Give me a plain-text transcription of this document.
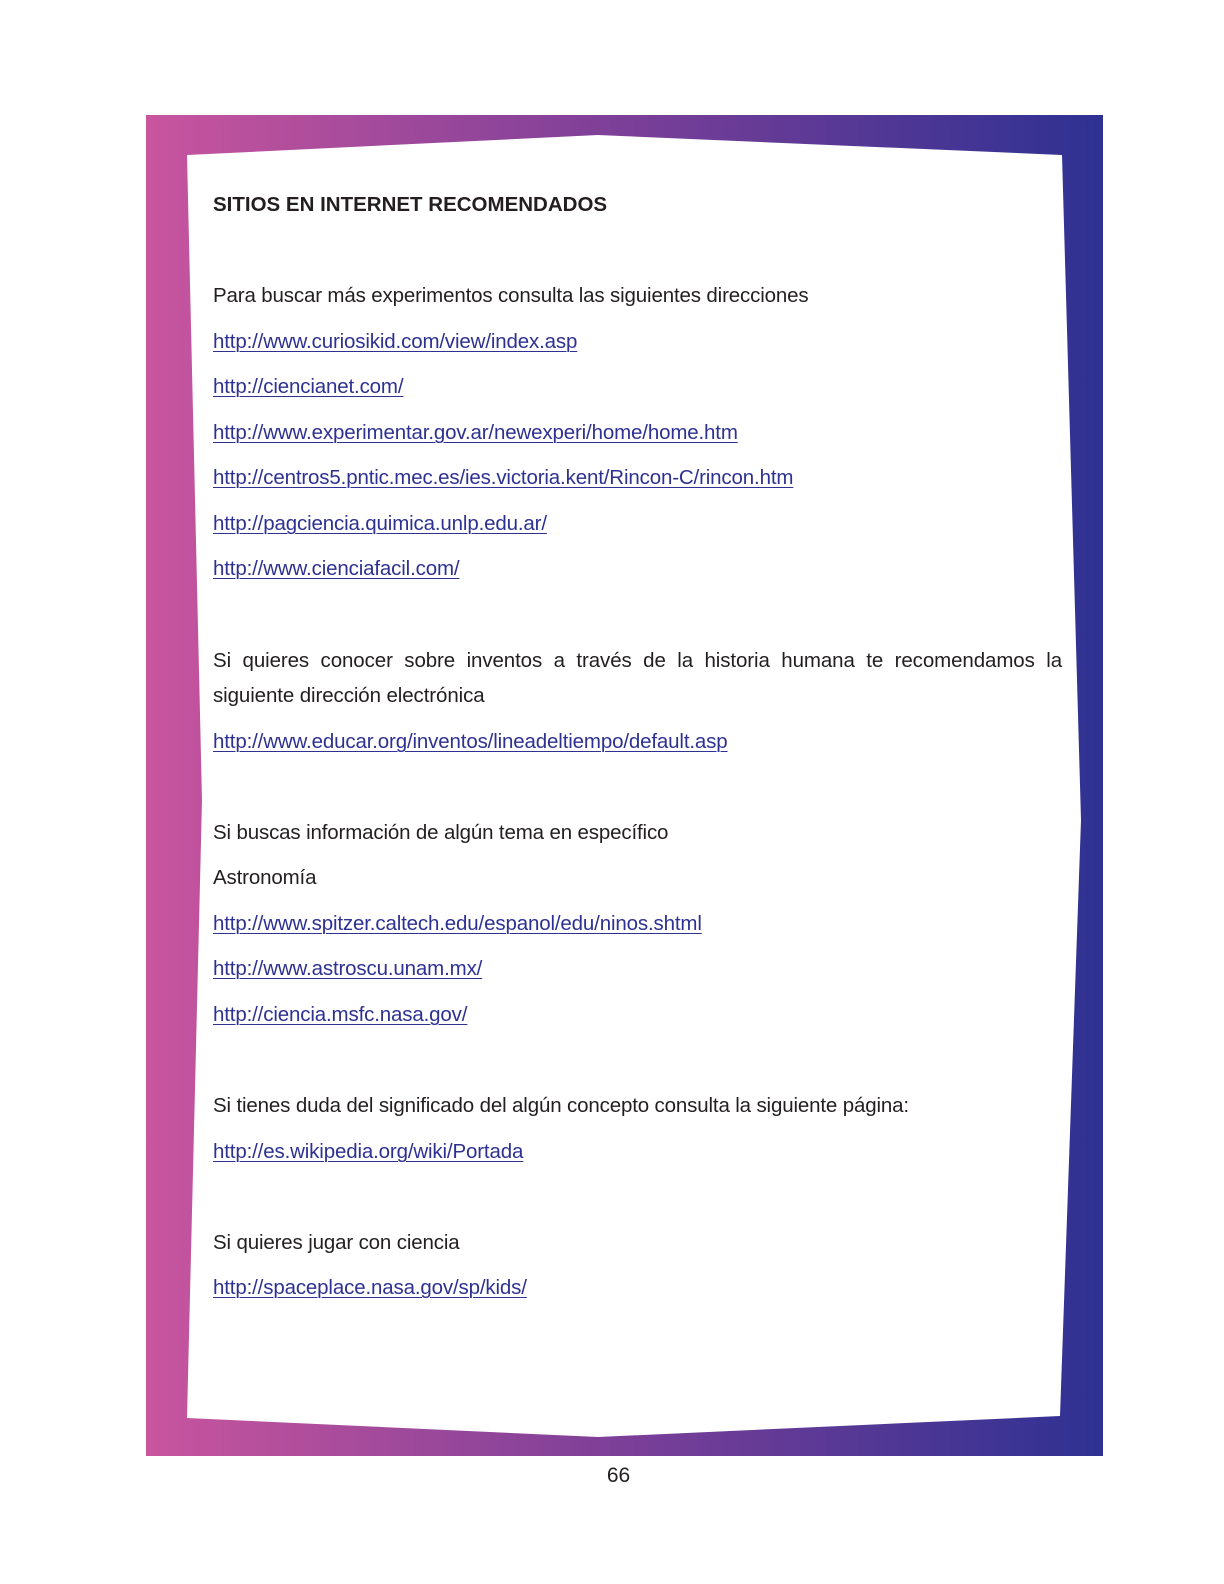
SITIOS EN INTERNET RECOMENDADOS
Para buscar más experimentos consulta las siguientes direcciones
http://www.curiosikid.com/view/index.asp
http://ciencianet.com/
http://www.experimentar.gov.ar/newexperi/home/home.htm
http://centros5.pntic.mec.es/ies.victoria.kent/Rincon-C/rincon.htm
http://pagciencia.quimica.unlp.edu.ar/
http://www.cienciafacil.com/
Si quieres conocer sobre inventos a través de la historia humana te recomendamos la siguiente dirección electrónica
http://www.educar.org/inventos/lineadeltiempo/default.asp
Si buscas información de algún tema en específico
Astronomía
http://www.spitzer.caltech.edu/espanol/edu/ninos.shtml
http://www.astroscu.unam.mx/
http://ciencia.msfc.nasa.gov/
Si tienes duda del significado del algún concepto consulta la siguiente página:
http://es.wikipedia.org/wiki/Portada
Si quieres jugar con ciencia
http://spaceplace.nasa.gov/sp/kids/
66
